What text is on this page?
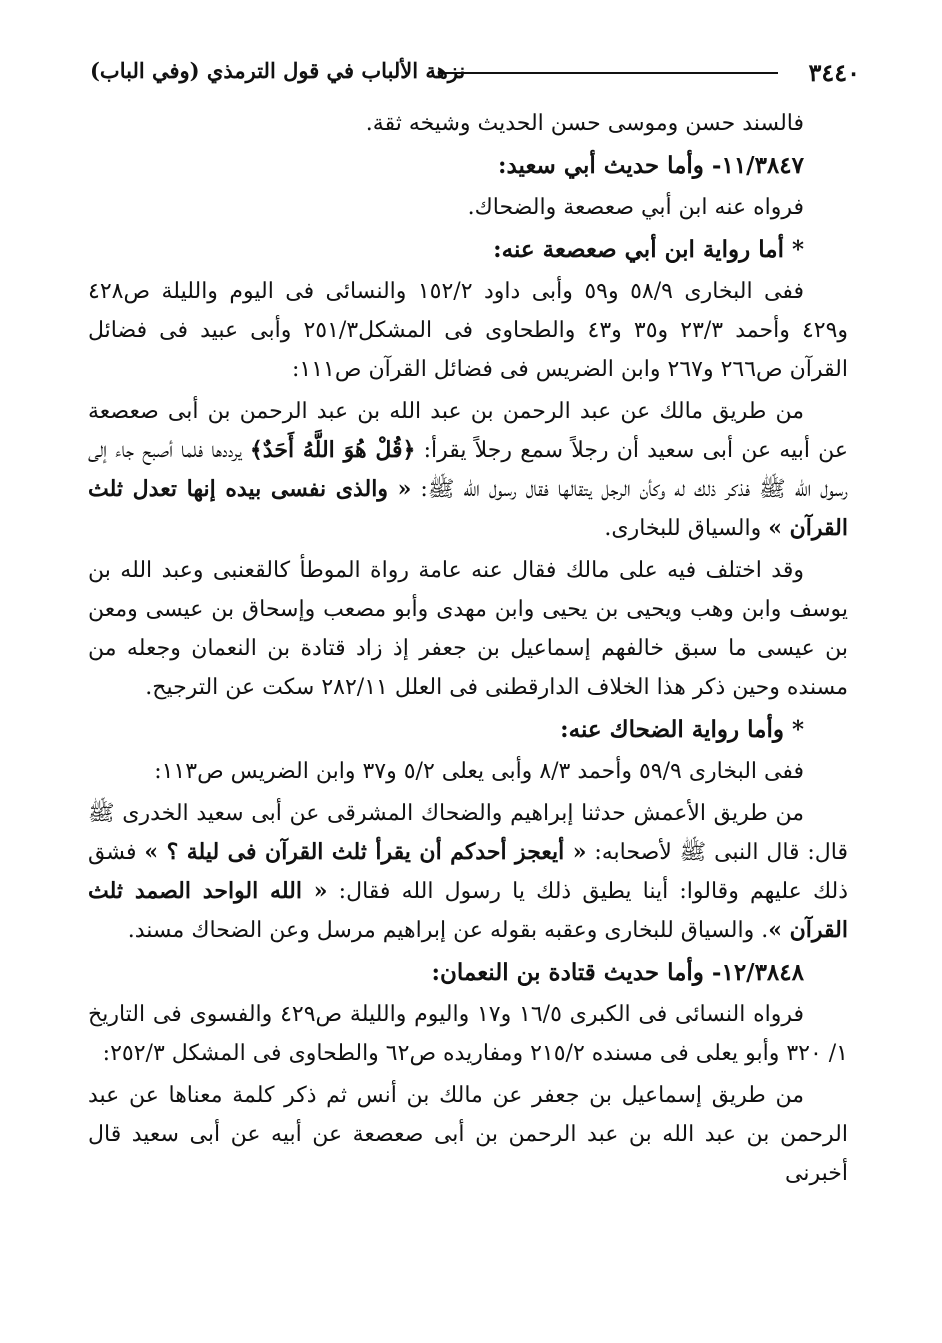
٣٤٤٠
نزهة الألباب في قول الترمذي (وفي الباب)

فالسند حسن وموسى حسن الحديث وشيخه ثقة.

١١/٣٨٤٧- وأما حديث أبي سعيد:

فرواه عنه ابن أبي صعصعة والضحاك.

* أما رواية ابن أبي صعصعة عنه:

ففى البخارى ٥٨/٩ و٥٩ وأبى داود ١٥٢/٢ والنسائى فى اليوم والليلة ص٤٢٨ و٤٢٩ وأحمد ٢٣/٣ و٣٥ و٤٣ والطحاوى فى المشكل٢٥١/٣ وأبى عبيد فى فضائل القرآن ص٢٦٦ و٢٦٧ وابن الضريس فى فضائل القرآن ص١١١:

من طريق مالك عن عبد الرحمن بن عبد الله بن عبد الرحمن بن أبى صعصعة عن أبيه عن أبى سعيد أن رجلاً سمع رجلاً يقرأ: ﴿قُلْ هُوَ اللَّهُ أَحَدٌ﴾ يرددها فلما أصبح جاء إلى رسول الله ﷺ فذكر ذلك له وكأن الرجل يتقالها فقال رسول الله ﷺ: « والذى نفسى بيده إنها تعدل ثلث القرآن » والسياق للبخارى.

وقد اختلف فيه على مالك فقال عنه عامة رواة الموطأ كالقعنبى وعبد الله بن يوسف وابن وهب ويحيى بن يحيى وابن مهدى وأبو مصعب وإسحاق بن عيسى ومعن بن عيسى ما سبق خالفهم إسماعيل بن جعفر إذ زاد قتادة بن النعمان وجعله من مسنده وحين ذكر هذا الخلاف الدارقطنى فى العلل ٢٨٢/١١ سكت عن الترجيح.

* وأما رواية الضحاك عنه:

ففى البخارى ٥٩/٩ وأحمد ٨/٣ وأبى يعلى ٥/٢ و٣٧ وابن الضريس ص١١٣:

من طريق الأعمش حدثنا إبراهيم والضحاك المشرقى عن أبى سعيد الخدرى ﷺ قال: قال النبى ﷺ لأصحابه: « أيعجز أحدكم أن يقرأ ثلث القرآن فى ليلة ؟ » فشق ذلك عليهم وقالوا: أينا يطيق ذلك يا رسول الله فقال: « الله الواحد الصمد ثلث القرآن ». والسياق للبخارى وعقبه بقوله عن إبراهيم مرسل وعن الضحاك مسند.

١٢/٣٨٤٨- وأما حديث قتادة بن النعمان:

فرواه النسائى فى الكبرى ١٦/٥ و١٧ واليوم والليلة ص٤٢٩ والفسوى فى التاريخ ١/ ٣٢٠ وأبو يعلى فى مسنده ٢١٥/٢ ومفاريده ص٦٢ والطحاوى فى المشكل ٢٥٢/٣:

من طريق إسماعيل بن جعفر عن مالك بن أنس ثم ذكر كلمة معناها عن عبد الرحمن بن عبد الله بن عبد الرحمن بن أبى صعصعة عن أبيه عن أبى سعيد قال أخبرنى
